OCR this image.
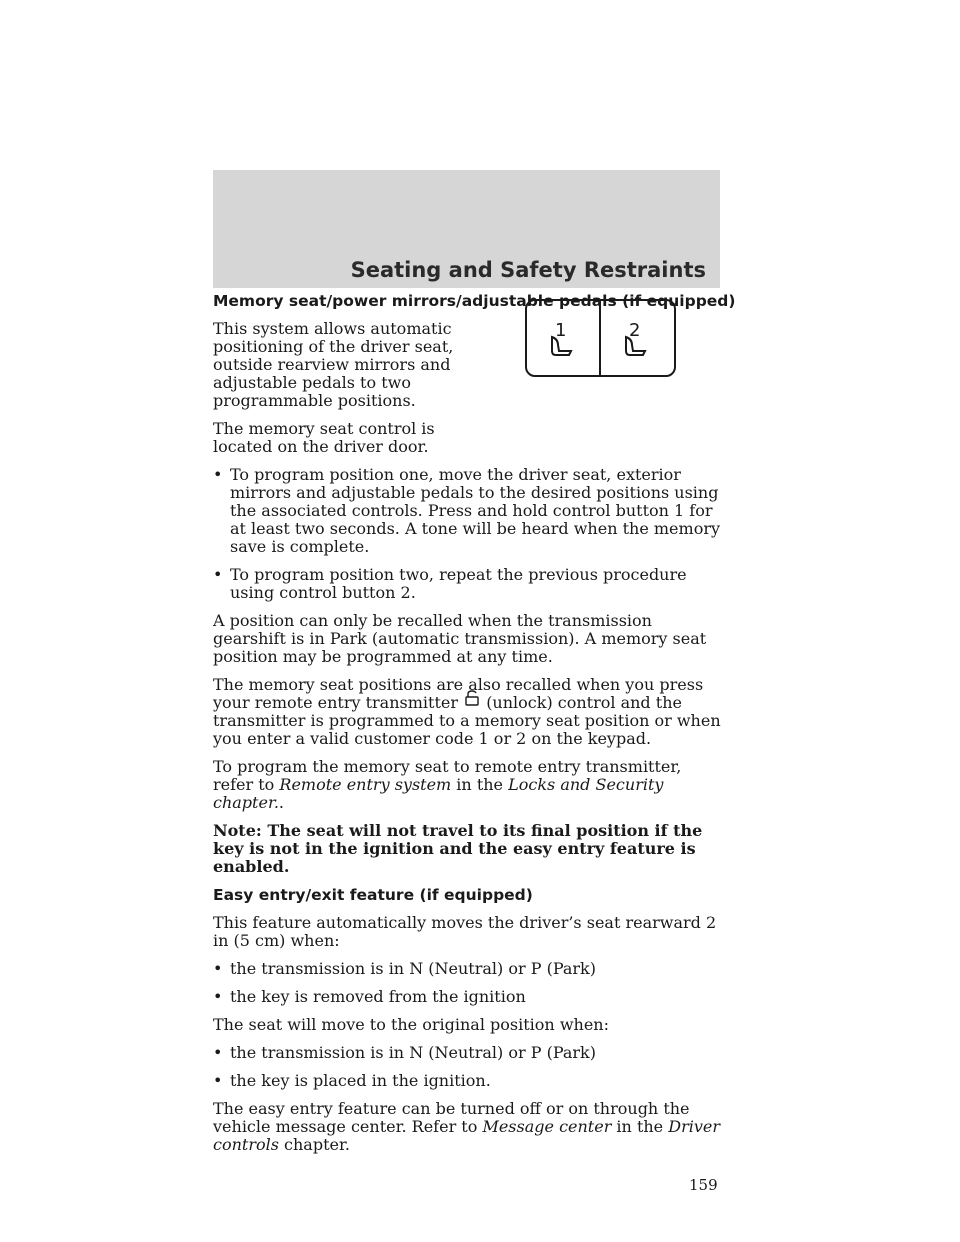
Seating and Safety Restraints
1	2
Memory seat/power mirrors/adjustable pedals (if equipped)

This system allows automatic positioning of the driver seat, outside rearview mirrors and adjustable pedals to two programmable positions.

The memory seat control is located on the driver door.

• To program position one, move the driver seat, exterior mirrors and adjustable pedals to the desired positions using the associated controls. Press and hold control button 1 for at least two seconds. A tone will be heard when the memory save is complete.
• To program position two, repeat the previous procedure using control button 2.

A position can only be recalled when the transmission gearshift is in Park (automatic transmission). A memory seat position may be programmed at any time.

The memory seat positions are also recalled when you press your remote entry transmitter (unlock) control and the transmitter is programmed to a memory seat position or when you enter a valid customer code 1 or 2 on the keypad.

To program the memory seat to remote entry transmitter, refer to Remote entry system in the Locks and Security chapter..

Note: The seat will not travel to its final position if the key is not in the ignition and the easy entry feature is enabled.

Easy entry/exit feature (if equipped)

This feature automatically moves the driver’s seat rearward 2 in (5 cm) when:

• the transmission is in N (Neutral) or P (Park)
• the key is removed from the ignition

The seat will move to the original position when:

• the transmission is in N (Neutral) or P (Park)
• the key is placed in the ignition.

The easy entry feature can be turned off or on through the vehicle message center. Refer to Message center in the Driver controls chapter.

159
